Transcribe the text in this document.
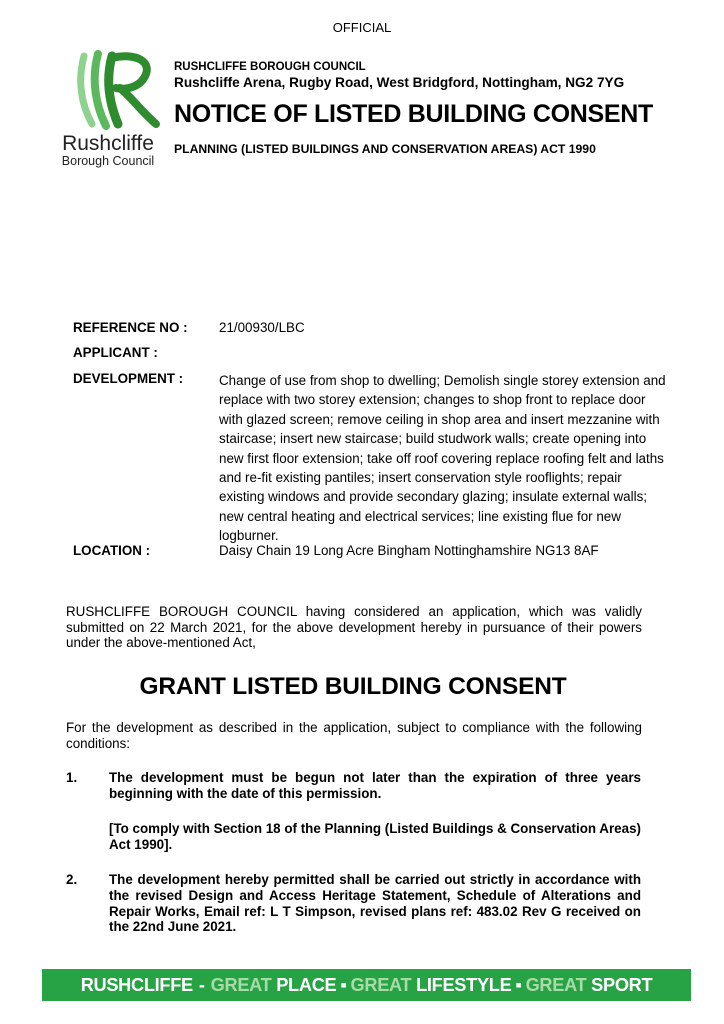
OFFICIAL
Rushcliffe
Borough Council
RUSHCLIFFE BOROUGH COUNCIL
Rushcliffe Arena, Rugby Road, West Bridgford, Nottingham, NG2 7YG
NOTICE OF LISTED BUILDING CONSENT
PLANNING (LISTED BUILDINGS AND CONSERVATION AREAS) ACT 1990
REFERENCE NO : 21/00930/LBC
APPLICANT :
DEVELOPMENT :	Change of use from shop to dwelling; Demolish single storey extension and replace with two storey extension; changes to shop front to replace door with glazed screen; remove ceiling in shop area and insert mezzanine with staircase; insert new staircase; build studwork walls; create opening into new first floor extension; take off roof covering replace roofing felt and laths and re-fit existing pantiles; insert conservation style rooflights; repair existing windows and provide secondary glazing; insulate external walls; new central heating and electrical services; line existing flue for new logburner.
LOCATION :	Daisy Chain 19 Long Acre Bingham Nottinghamshire NG13 8AF
RUSHCLIFFE BOROUGH COUNCIL having considered an application, which was validly submitted on 22 March 2021, for the above development hereby in pursuance of their powers under the above-mentioned Act,
GRANT LISTED BUILDING CONSENT
For the development as described in the application, subject to compliance with the following conditions:
1. The development must be begun not later than the expiration of three years beginning with the date of this permission.
[To comply with Section 18 of the Planning (Listed Buildings & Conservation Areas) Act 1990].
2. The development hereby permitted shall be carried out strictly in accordance with the revised Design and Access Heritage Statement, Schedule of Alterations and Repair Works, Email ref: L T Simpson, revised plans ref: 483.02 Rev G received on the 22nd June 2021.
RUSHCLIFFE - GREAT
PLACE ▪ GREAT
LIFESTYLE ▪ GREAT
SPORT
